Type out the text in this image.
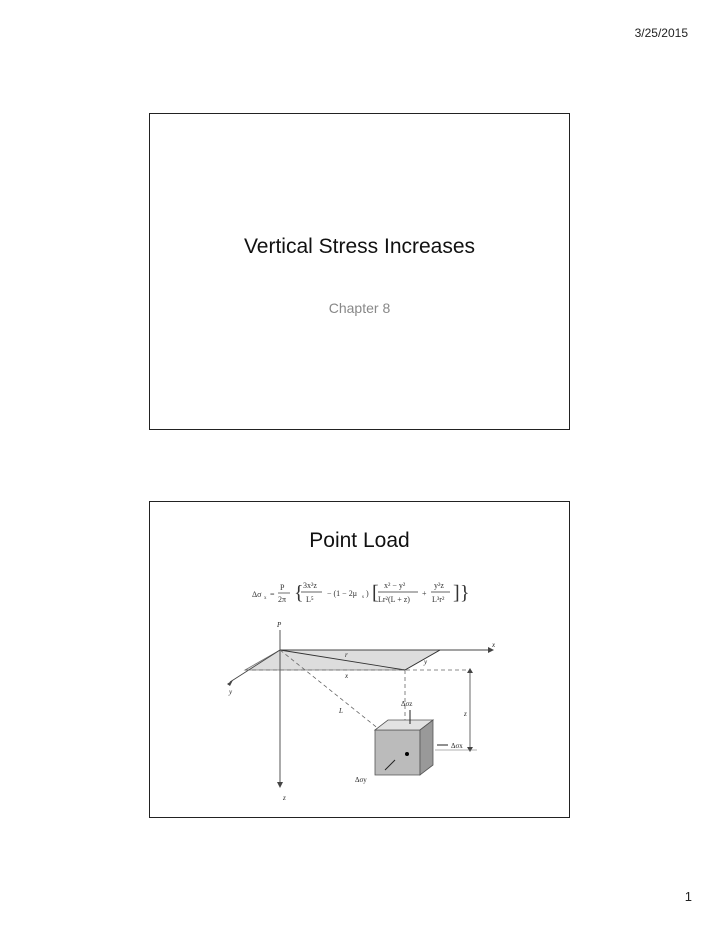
3/25/2015
Vertical Stress Increases
Chapter 8
Point Load
Δσ x =
P
2π { 3x²z
L⁵
− (1 − 2μ s ) [ x² − y²
Lr²(L + z)
+
y²z
L³r² ] }
P
x
y
z
r
x
y
L	z
Δσz
Δσx
Δσy
1
